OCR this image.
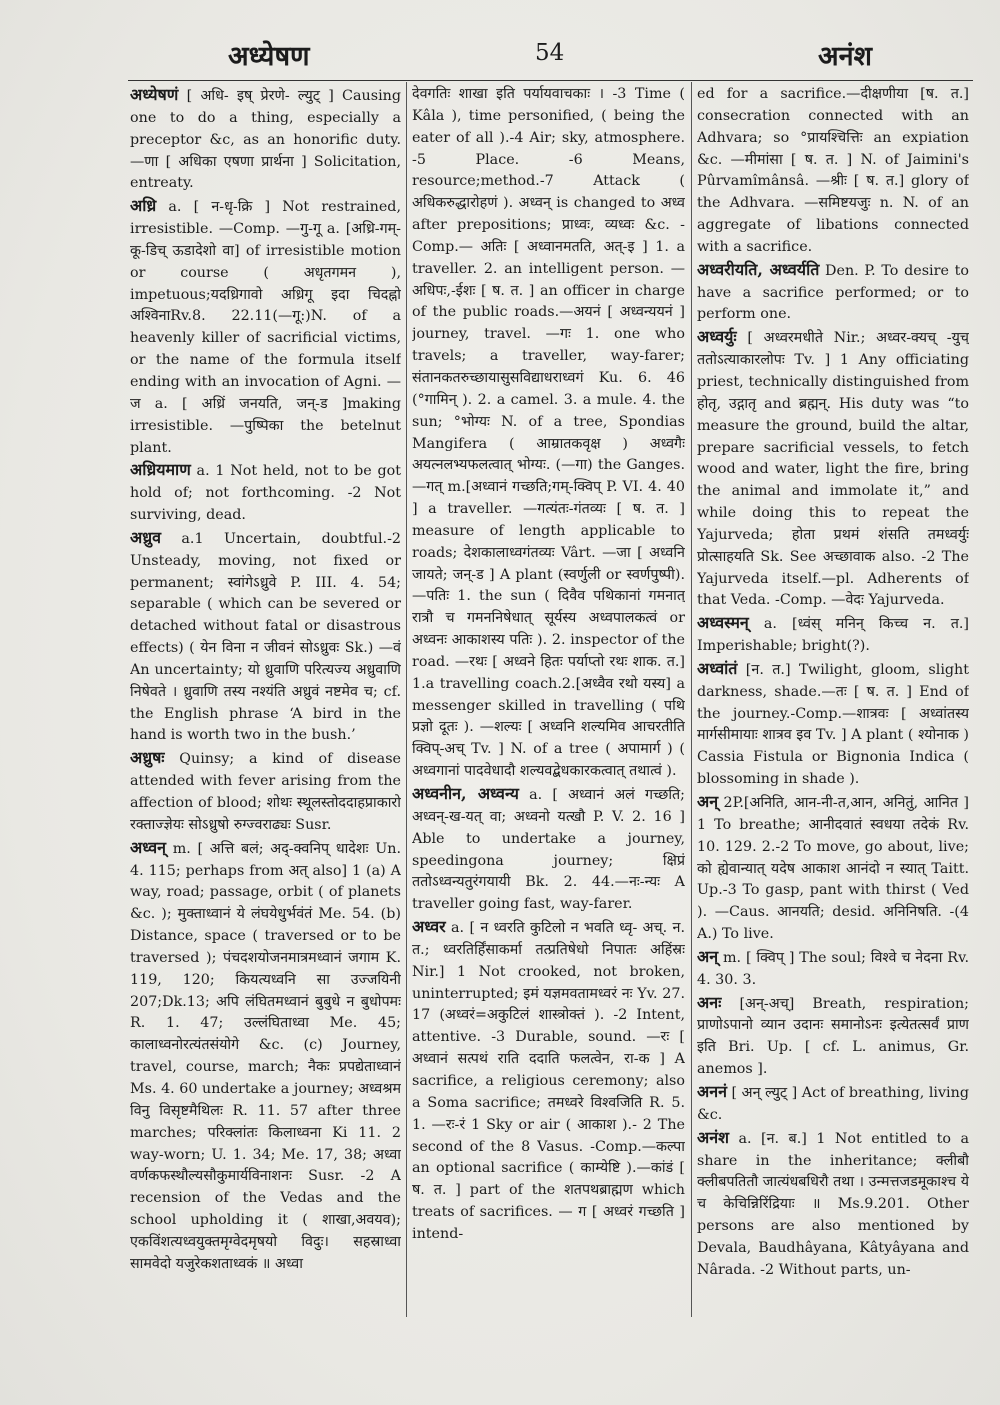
अध्येषण	54	अनंश

अध्येषणं [ अधि- इष् प्रेरणे- ल्युट् ] Causing one to do a thing, especially a preceptor &c, as an honorific duty. —णा [ अधिका एषणा प्रार्थना ] Solicitation, entreaty.

अध्रि a. [ न-धृ-क्रि ] Not restrained, irresistible. —Comp. —गु-गू a. [अध्रि-गम्-कू-डिच् ऊडादेशो वा] of irresistible motion or course ( अधृतगमन ), impetuous;यदध्रिगावो अध्रिगू इदा चिदह्नो अश्विनाRv.8. 22.11(—गू:)N. of a heavenly killer of sacrificial victims, or the name of the formula itself ending with an invocation of Agni. —ज a. [ अध्रिं जनयति, जन्-ड ]making irresistible. —पुष्पिका the betelnut plant.

अध्रियमाण a. 1 Not held, not to be got hold of; not forthcoming. -2 Not surviving, dead.

अध्रुव a.1 Uncertain, doubtful.-2 Unsteady, moving, not fixed or permanent; स्वांगेऽध्रुवे P. III. 4. 54; separable ( which can be severed or detached without fatal or disastrous effects) ( येन विना न जीवनं सोऽध्रुवः Sk.) —वं An uncertainty; यो ध्रुवाणि परित्यज्य अध्रुवाणि निषेवते । ध्रुवाणि तस्य नश्यंति अध्रुवं नष्टमेव च; cf. the English phrase ‘A bird in the hand is worth two in the bush.’

अध्रुषः Quinsy; a kind of disease attended with fever arising from the affection of blood; शोथः स्थूलस्तोददाहप्राकारो रक्ताज्ज्ञेयः सोऽध्रुषो रुग्ज्वराढ्यः Susr.

अध्वन् m. [ अत्ति बलं; अद्-क्वनिप् धादेशः Un. 4. 115; perhaps from अत् also] 1 (a) A way, road; passage, orbit ( of planets &c. ); मुक्ताध्वानं ये लंघयेधुर्भवंतं Me. 54. (b) Distance, space ( traversed or to be traversed ); पंचदशयोजनमात्रमध्वानं जगाम K. 119, 120; कियत्यध्वनि सा उज्जयिनी 207;Dk.13; अपि लंघितमध्वानं बुबुधे न बुधोपमः R. 1. 47; उल्लंघिताध्वा Me. 45; कालाध्वनोरत्यंतसंयोगे &c. (c) Journey, travel, course, march; नैकः प्रपद्येताध्वानं Ms. 4. 60 undertake a journey; अध्वश्रम विनु विसृष्टमैथिलः R. 11. 57 after three marches; परिक्लांतः किलाध्वना Ki 11. 2 way-worn; U. 1. 34; Me. 17, 38; अध्वा वर्णकफस्थौल्यसौकुमार्यविनाशनः Susr. -2 A recension of the Vedas and the school upholding it ( शाखा,अवयव); एकविंशत्यध्वयुक्तमृग्वेदमृषयो विदुः। सहस्राध्वा सामवेदो यजुरेकशताध्वकं ॥ अध्वा

देवगतिः शाखा इति पर्यायवाचकाः । -3 Time ( Kâla ), time personified, ( being the eater of all ).-4 Air; sky, atmosphere. -5 Place. -6 Means, resource;method.-7 Attack ( अधिकरुद्धारोहणं ). अध्वन् is changed to अध्व after prepositions; प्राध्वः, व्यध्वः &c. - Comp.— अतिः [ अध्वानमतति, अत्-इ ] 1. a traveller. 2. an intelligent person. —अधिपः,-ईशः [ ष. त. ] an officer in charge of the public roads.—अयनं [ अध्वन्ययनं ] journey, travel. —गः 1. one who travels; a traveller, way-farer; संतानकतरुच्छायासुसविद्याधराध्वगं Ku. 6. 46 (°गामिन् ). 2. a camel. 3. a mule. 4. the sun; °भोग्यः N. of a tree, Spondias Mangifera ( आम्रातकवृक्ष ) अध्वगैः अयत्नलभ्यफलत्वात् भोग्यः. (—गा) the Ganges. —गत् m.[अध्वानं गच्छति;गम्-क्विप् P. VI. 4. 40 ] a traveller. —गत्यंतः-गंतव्यः [ ष. त. ] measure of length applicable to roads; देशकालाध्वगंतव्यः Vârt. —जा [ अध्वनि जायते; जन्-ड ] A plant (स्वर्णुली or स्वर्णपुष्पी). —पतिः 1. the sun ( दिवैव पथिकानां गमनात् रात्रौ च गमननिषेधात् सूर्यस्य अध्वपालकत्वं or अध्वनः आकाशस्य पतिः ). 2. inspector of the road. —रथः [ अध्वने हितः पर्याप्तो रथः शाक. त.] 1.a travelling coach.2.[अध्वैव रथो यस्य] a messenger skilled in travelling ( पथि प्रज्ञो दूतः ). —शल्यः [ अध्वनि शल्यमिव आचरतीति क्विप्-अच् Tv. ] N. of a tree ( अपामार्ग ) ( अध्वगानां पादवेधादौ शल्यवद्बेधकारकत्वात् तथात्वं ).

अध्वनीन, अध्वन्य a. [ अध्वानं अलं गच्छति; अध्वन्-ख-यत् वा; अध्वनो यत्खौ P. V. 2. 16 ] Able to undertake a journey, speedingona journey; क्षिप्रं ततोऽध्वन्यतुरंगयायी Bk. 2. 44.—नः-न्यः A traveller going fast, way-farer.

अध्वर a. [ न ध्वरति कुटिलो न भवति ध्वृ- अच्. न. त.; ध्वरतिर्हिंसाकर्मा तत्प्रतिषेधो निपातः अहिंस्रः Nir.] 1 Not crooked, not broken, uninterrupted; इमं यज्ञमवतामध्वरं नः Yv. 27. 17 (अध्वरं=अकुटिलं शास्त्रोक्तं ). -2 Intent, attentive. -3 Durable, sound. —रः [ अध्वानं सत्पथं राति ददाति फलत्वेन, रा-क ] A sacrifice, a religious ceremony; also a Soma sacrifice; तमध्वरे विश्वजिति R. 5. 1. —रः-रं 1 Sky or air ( आकाश ).- 2 The second of the 8 Vasus. -Comp.—कल्पा an optional sacrifice ( काम्येष्टि ).—कांडं [ ष. त. ] part of the शतपथब्राह्मण which treats of sacrifices. — ग [ अध्वरं गच्छति ] intend-

ed for a sacrifice.—दीक्षणीया [ष. त.] consecration connected with an Adhvara; so °प्रायश्चित्तिः an expiation &c. —मीमांसा [ ष. त. ] N. of Jaimini's Pûrvamîmânsâ. —श्रीः [ ष. त.] glory of the Adhvara. —समिष्टयजुः n. N. of an aggregate of libations connected with a sacrifice.

अध्वरीयति, अध्वर्यति Den. P. To desire to have a sacrifice performed; or to perform one.

अध्वर्युः [ अध्वरमधीते Nir.; अध्वर-क्यच् -युच् ततोऽत्याकारलोपः Tv. ] 1 Any officiating priest, technically distinguished from होतृ, उद्गातृ and ब्रह्मन्. His duty was “to measure the ground, build the altar, prepare sacrificial vessels, to fetch wood and water, light the fire, bring the animal and immolate it,” and while doing this to repeat the Yajurveda; होता प्रथमं शंसति तमध्वर्युः प्रोत्साहयति Sk. See अच्छावाक also. -2 The Yajurveda itself.—pl. Adherents of that Veda. -Comp. —वेदः Yajurveda.

अध्वस्मन् a. [ध्वंस् मनिन् किच्च न. त.] Imperishable; bright(?).

अध्वांतं [न. त.] Twilight, gloom, slight darkness, shade.—तः [ ष. त. ] End of the journey.-Comp.—शात्रवः [ अध्वांतस्य मार्गसीमायाः शात्रव इव Tv. ] A plant ( श्योनाक ) Cassia Fistula or Bignonia Indica ( blossoming in shade ).

अन् 2P.[अनिति, आन-नी-त,आन, अनितुं, आनित ] 1 To breathe; आनीदवातं स्वधया तदेकं Rv. 10. 129. 2.-2 To move, go about, live; को ह्येवान्यात् यदेष आकाश आनंदो न स्यात् Taitt. Up.-3 To gasp, pant with thirst ( Ved ). —Caus. आनयति; desid. अनिनिषति. -(4 A.) To live.

अन् m. [ क्विप् ] The soul; विश्वे च नेदना Rv. 4. 30. 3.

अनः [अन्-अच्] Breath, respiration; प्राणोऽपानो व्यान उदानः समानोऽनः इत्येतत्सर्वं प्राण इति Bri. Up. [ cf. L. animus, Gr. anemos ].

अननं [ अन् ल्युट् ] Act of breathing, living &c.

अनंश a. [न. ब.] 1 Not entitled to a share in the inheritance; क्लीबौ क्लीबपतितौ जात्यंधबधिरौ तथा । उन्मत्तजडमूकाश्च ये च केचिन्निरिंद्रियाः ॥ Ms.9.201. Other persons are also mentioned by Devala, Baudhâyana, Kâtyâyana and Nârada. -2 Without parts, un-
